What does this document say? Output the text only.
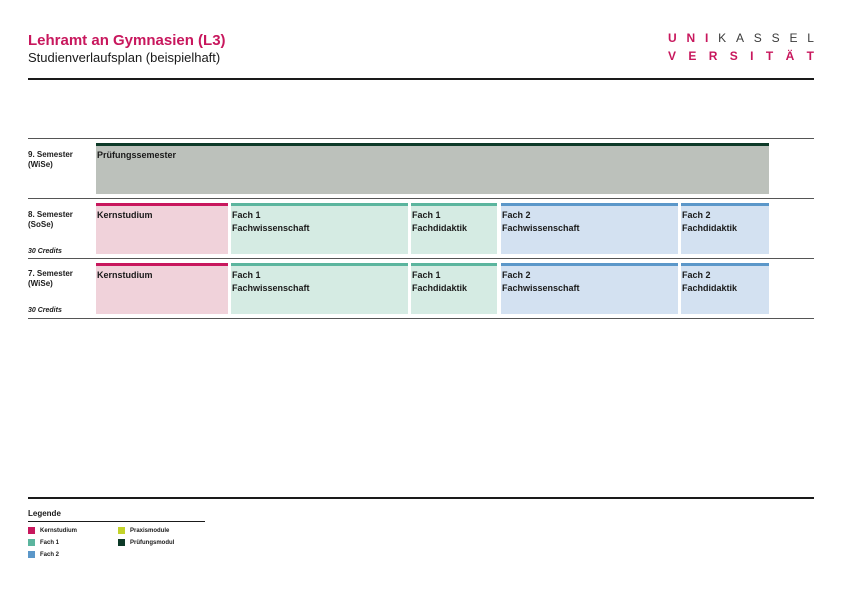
Lehramt an Gymnasien (L3)
Studienverlaufsplan (beispielhaft)
U N I K A S S E L
V E R S I T Ä T
9. Semester
(WiSe)
Prüfungssemester
8. Semester
(SoSe)
30 Credits
Kernstudium	Fach 1
Fachwissenschaft
Fach 1
Fachdidaktik
Fach 2
Fachwissenschaft
Fach 2
Fachdidaktik
7. Semester
(WiSe)
30 Credits
Kernstudium	Fach 1
Fachwissenschaft
Fach 1
Fachdidaktik
Fach 2
Fachwissenschaft
Fach 2
Fachdidaktik
Legende
Kernstudium
Fach 1
Fach 2
Praxismodule
Prüfungsmodul
